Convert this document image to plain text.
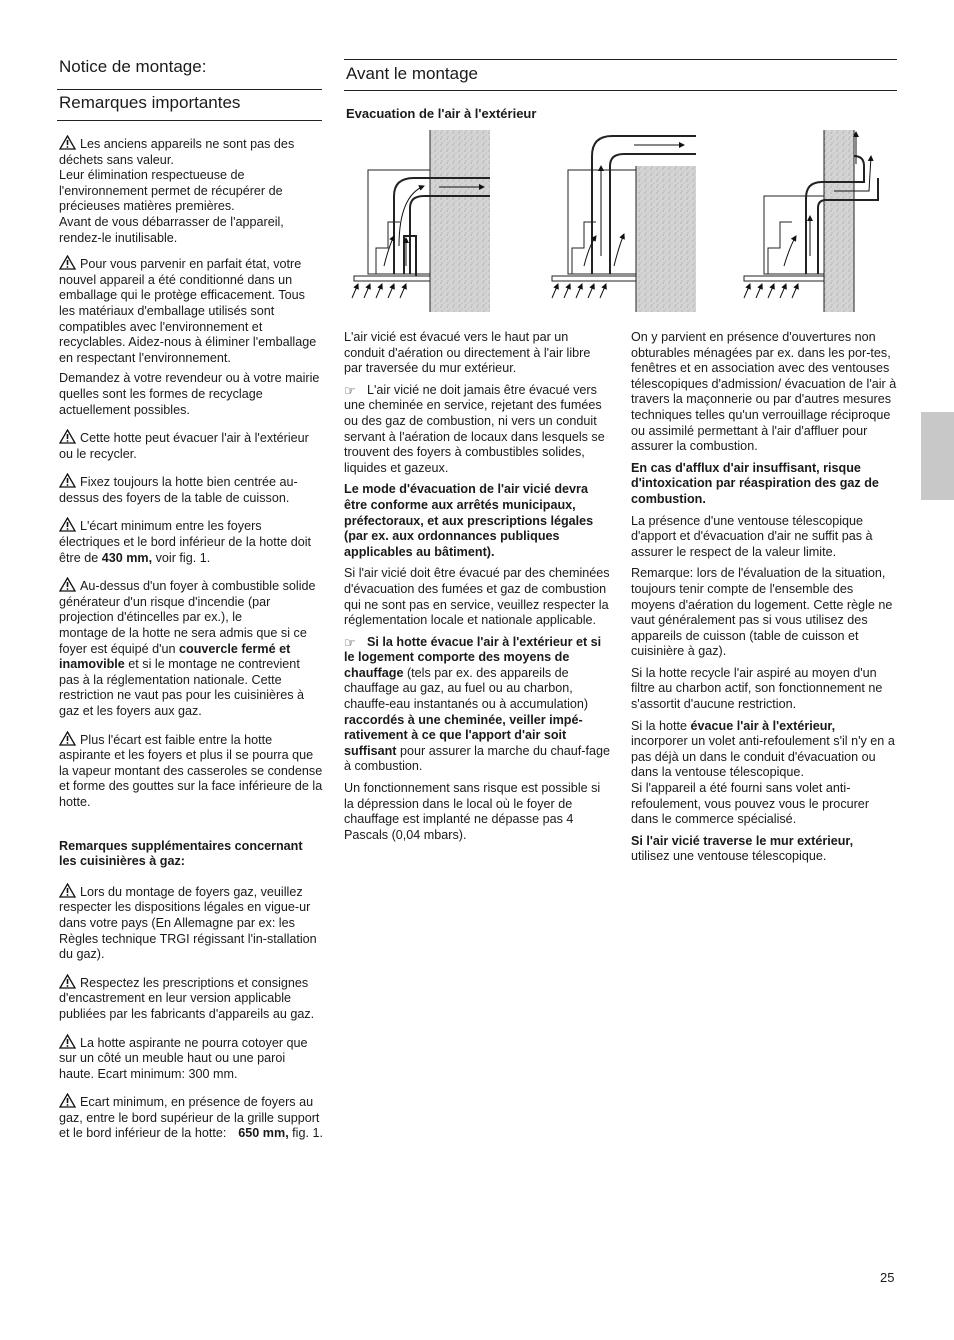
Notice de montage:
Remarques importantes

Les anciens appareils ne sont pas des déchets sans valeur.
Leur élimination respectueuse de l'environnement permet de récupérer de précieuses matières premières.
Avant de vous débarrasser de l'appareil, rendez-le inutilisable.

Pour vous parvenir en parfait état, votre nouvel appareil a été conditionné dans un emballage qui le protège efficacement. Tous les matériaux d'emballage utilisés sont compatibles avec l'environnement et recyclables. Aidez-nous à éliminer l'emballage en respectant l'environnement.

Demandez à votre revendeur ou à votre mairie quelles sont les formes de recyclage actuellement possibles.

Cette hotte peut évacuer l'air à l'extérieur ou le recycler.

Fixez toujours la hotte bien centrée au-dessus des foyers de la table de cuisson.

L'écart minimum entre les foyers électriques et le bord inférieur de la hotte doit être de 430 mm, voir fig. 1.

Au-dessus d'un foyer à combustible solide générateur d'un risque d'incendie (par projection d'étincelles par ex.), le
montage de la hotte ne sera admis que si ce foyer est équipé d'un couvercle fermé et inamovible et si le montage ne contrevient pas à la réglementation nationale. Cette restriction ne vaut pas pour les cuisinières à gaz et les foyers aux gaz.

Plus l'écart est faible entre la hotte aspirante et les foyers et plus il se pourra que la vapeur montant des casseroles se condense et forme des gouttes sur la face inférieure de la hotte.

Remarques supplémentaires concernant les cuisinières à gaz:

Lors du montage de foyers gaz, veuillez respecter les dispositions légales en vigue-ur dans votre pays (En Allemagne par ex: les Règles technique TRGI régissant l'in-stallation du gaz).

Respectez les prescriptions et consignes d'encastrement en leur version applicable publiées par les fabricants d'appareils au gaz.

La hotte aspirante ne pourra cotoyer que sur un côté un meuble haut ou une paroi haute. Ecart minimum: 300 mm.

Ecart minimum, en présence de foyers au gaz, entre le bord supérieur de la grille support et le bord inférieur de la hotte: 650 mm, fig. 1.

Avant le montage
Evacuation de l'air à l'extérieur

L'air vicié est évacué vers le haut par un conduit d'aération ou directement à l'air libre par traversée du mur extérieur.

☞ L'air vicié ne doit jamais être évacué vers une cheminée en service, rejetant des fumées ou des gaz de combustion, ni vers un conduit servant à l'aération de locaux dans lesquels se trouvent des foyers à combustibles solides, liquides et gazeux.

Le mode d'évacuation de l'air vicié devra être conforme aux arrêtés municipaux, préfectoraux, et aux prescriptions légales (par ex. aux ordonnances publiques applicables au bâtiment).

Si l'air vicié doit être évacué par des cheminées d'évacuation des fumées et gaz de combustion qui ne sont pas en service, veuillez respecter la réglementation locale et nationale applicable.

☞ Si la hotte évacue l'air à l'extérieur et si le logement comporte des moyens de chauffage (tels par ex. des appareils de chauffage au gaz, au fuel ou au charbon, chauffe-eau instantanés ou à accumulation) raccordés à une cheminée, veiller impé-rativement à ce que l'apport d'air soit suffisant pour assurer la marche du chauf-fage à combustion.

Un fonctionnement sans risque est possible si la dépression dans le local où le foyer de chauffage est implanté ne dépasse pas 4 Pascals (0,04 mbars).

On y parvient en présence d'ouvertures non obturables ménagées par ex. dans les por-tes, fenêtres et en association avec des ventouses télescopiques d'admission/ évacuation de l'air à travers la maçonnerie ou par d'autres mesures techniques telles qu'un verrouillage réciproque ou assimilé permettant à l'air d'affluer pour assurer la combustion.

En cas d'afflux d'air insuffisant, risque d'intoxication par réaspiration des gaz de combustion.

La présence d'une ventouse télescopique d'apport et d'évacuation d'air ne suffit pas à assurer le respect de la valeur limite.

Remarque: lors de l'évaluation de la situation, toujours tenir compte de l'ensemble des moyens d'aération du logement. Cette règle ne vaut généralement pas si vous utilisez des appareils de cuisson (table de cuisson et cuisinière à gaz).

Si la hotte recycle l'air aspiré au moyen d'un filtre au charbon actif, son fonctionnement ne s'assortit d'aucune restriction.

Si la hotte évacue l'air à l'extérieur,
incorporer un volet anti-refoulement s'il n'y en a pas déjà un dans le conduit d'évacuation ou dans la ventouse télescopique.
Si l'appareil a été fourni sans volet anti-refoulement, vous pouvez vous le procurer dans le commerce spécialisé.

Si l'air vicié traverse le mur extérieur,
utilisez une ventouse télescopique.

25
